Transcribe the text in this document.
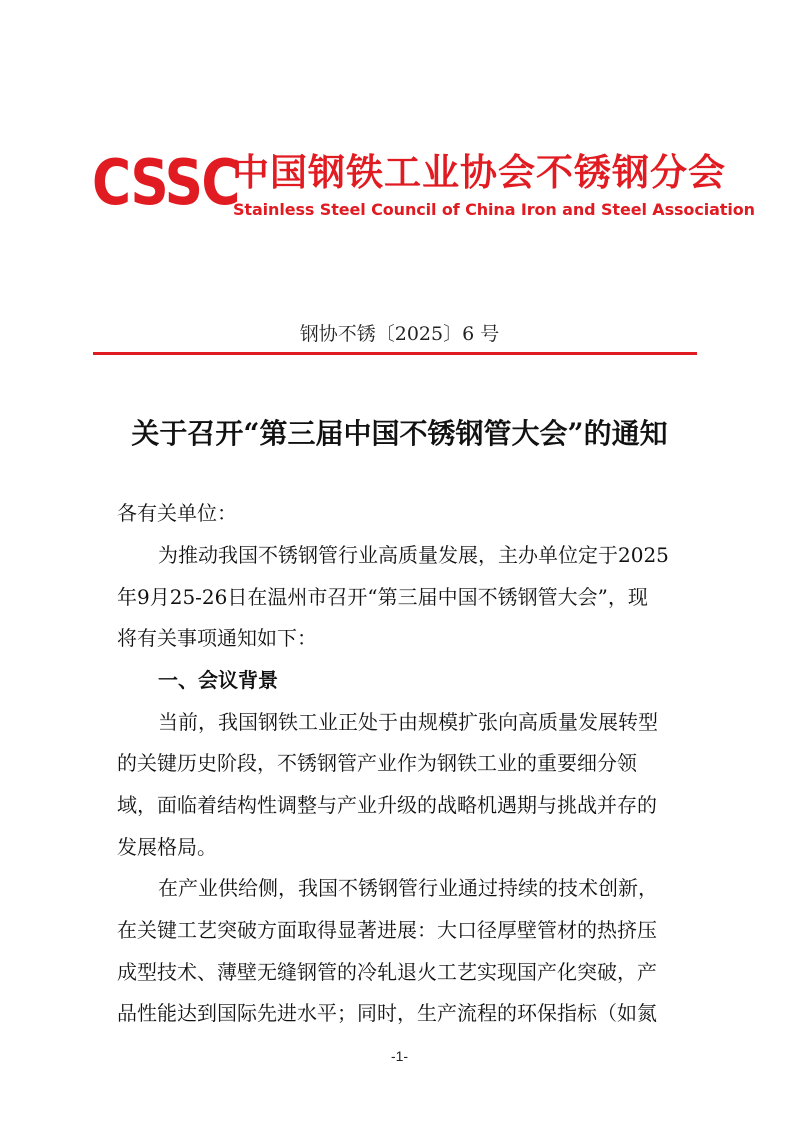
CSSC
中国钢铁工业协会不锈钢分会
Stainless Steel Council of China Iron and Steel Association
钢协不锈〔2025〕6 号
关于召开“第三届中国不锈钢管大会”的通知
各有关单位：
为推动我国不锈钢管行业高质量发展，主办单位定于2025
年9月25-26日在温州市召开“第三届中国不锈钢管大会”，现
将有关事项通知如下：
一、会议背景
当前，我国钢铁工业正处于由规模扩张向高质量发展转型
的关键历史阶段，不锈钢管产业作为钢铁工业的重要细分领
域，面临着结构性调整与产业升级的战略机遇期与挑战并存的
发展格局。
在产业供给侧，我国不锈钢管行业通过持续的技术创新，
在关键工艺突破方面取得显著进展：大口径厚壁管材的热挤压
成型技术、薄壁无缝钢管的冷轧退火工艺实现国产化突破，产
品性能达到国际先进水平；同时，生产流程的环保指标（如氮
-1-
